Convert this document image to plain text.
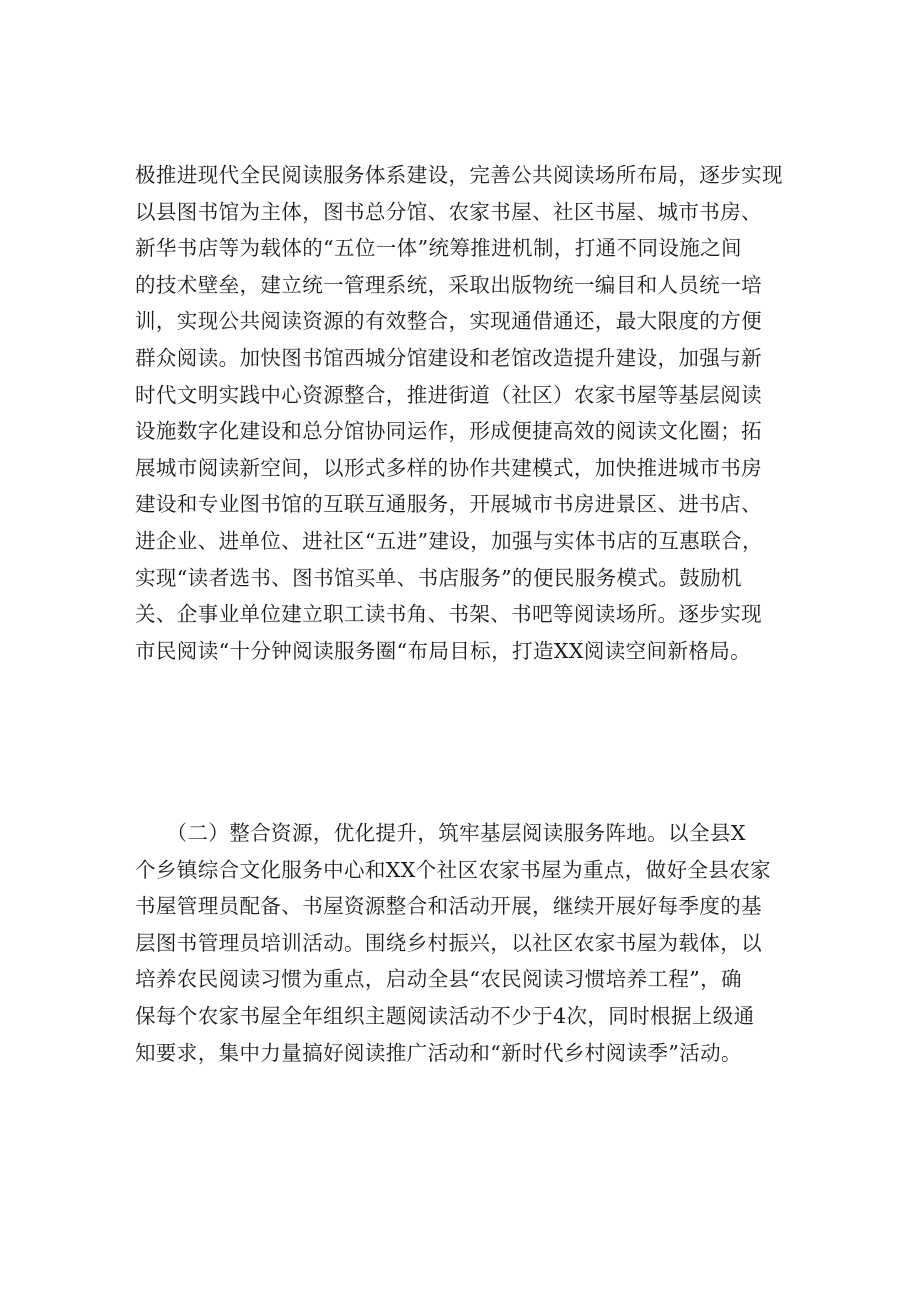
极推进现代全民阅读服务体系建设，完善公共阅读场所布局，逐步实现
以县图书馆为主体，图书总分馆、农家书屋、社区书屋、城市书房、
新华书店等为载体的“五位一体”统筹推进机制，打通不同设施之间
的技术壁垒，建立统一管理系统，采取出版物统一编目和人员统一培
训，实现公共阅读资源的有效整合，实现通借通还，最大限度的方便
群众阅读。加快图书馆西城分馆建设和老馆改造提升建设，加强与新
时代文明实践中心资源整合，推进街道（社区）农家书屋等基层阅读
设施数字化建设和总分馆协同运作，形成便捷高效的阅读文化圈；拓
展城市阅读新空间，以形式多样的协作共建模式，加快推进城市书房
建设和专业图书馆的互联互通服务，开展城市书房进景区、进书店、
进企业、进单位、进社区“五进”建设，加强与实体书店的互惠联合，
实现“读者选书、图书馆买单、书店服务”的便民服务模式。鼓励机
关、企事业单位建立职工读书角、书架、书吧等阅读场所。逐步实现
市民阅读“十分钟阅读服务圈“布局目标，打造XX阅读空间新格局。
　　（二）整合资源，优化提升，筑牢基层阅读服务阵地。以全县X
个乡镇综合文化服务中心和XX个社区农家书屋为重点，做好全县农家
书屋管理员配备、书屋资源整合和活动开展，继续开展好每季度的基
层图书管理员培训活动。围绕乡村振兴，以社区农家书屋为载体，以
培养农民阅读习惯为重点，启动全县“农民阅读习惯培养工程”，确
保每个农家书屋全年组织主题阅读活动不少于4次，同时根据上级通
知要求，集中力量搞好阅读推广活动和“新时代乡村阅读季”活动。
